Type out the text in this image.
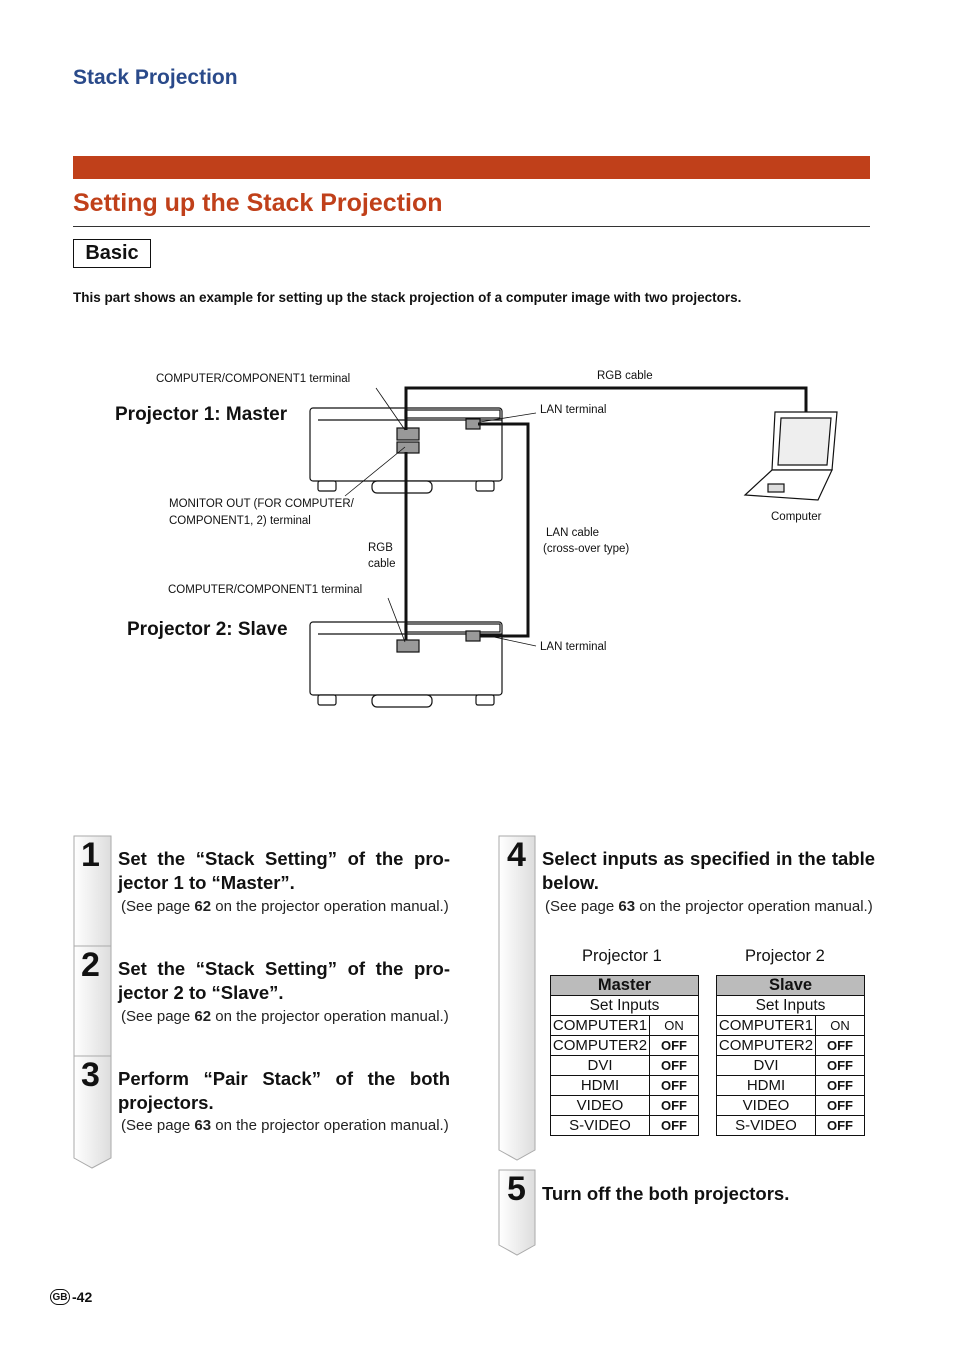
Stack Projection
Setting up the Stack Projection
Basic
This part shows an example for setting up the stack projection of a computer image with two projectors.
COMPUTER/COMPONENT1 terminal	RGB cable
LAN terminal
Projector 1: Master
MONITOR OUT (FOR COMPUTER/
COMPONENT1, 2) terminal	Computer
LAN cable
(cross-over type)
RGB
cable
COMPUTER/COMPONENT1 terminal
Projector 2: Slave
LAN terminal
1 Set the “Stack Setting” of the pro-jector 1 to “Master”.
(See page 62 on the projector operation manual.)
2 Set the “Stack Setting” of the pro-jector 2 to “Slave”.
(See page 62 on the projector operation manual.)
3 Perform “Pair Stack” of the both projectors.
(See page 63 on the projector operation manual.)
4 Select inputs as specified in the table below.
(See page 63 on the projector operation manual.)
Projector 1	Projector 2
Master	
Set Inputs	
COMPUTER1	ON
COMPUTER2	OFF
DVI	OFF
HDMI	OFF
VIDEO	OFF
S-VIDEO	OFF
Slave	
Set Inputs	
COMPUTER1	ON
COMPUTER2	OFF
DVI	OFF
HDMI	OFF
VIDEO	OFF
S-VIDEO	OFF
5 Turn off the both projectors.
GB -42
